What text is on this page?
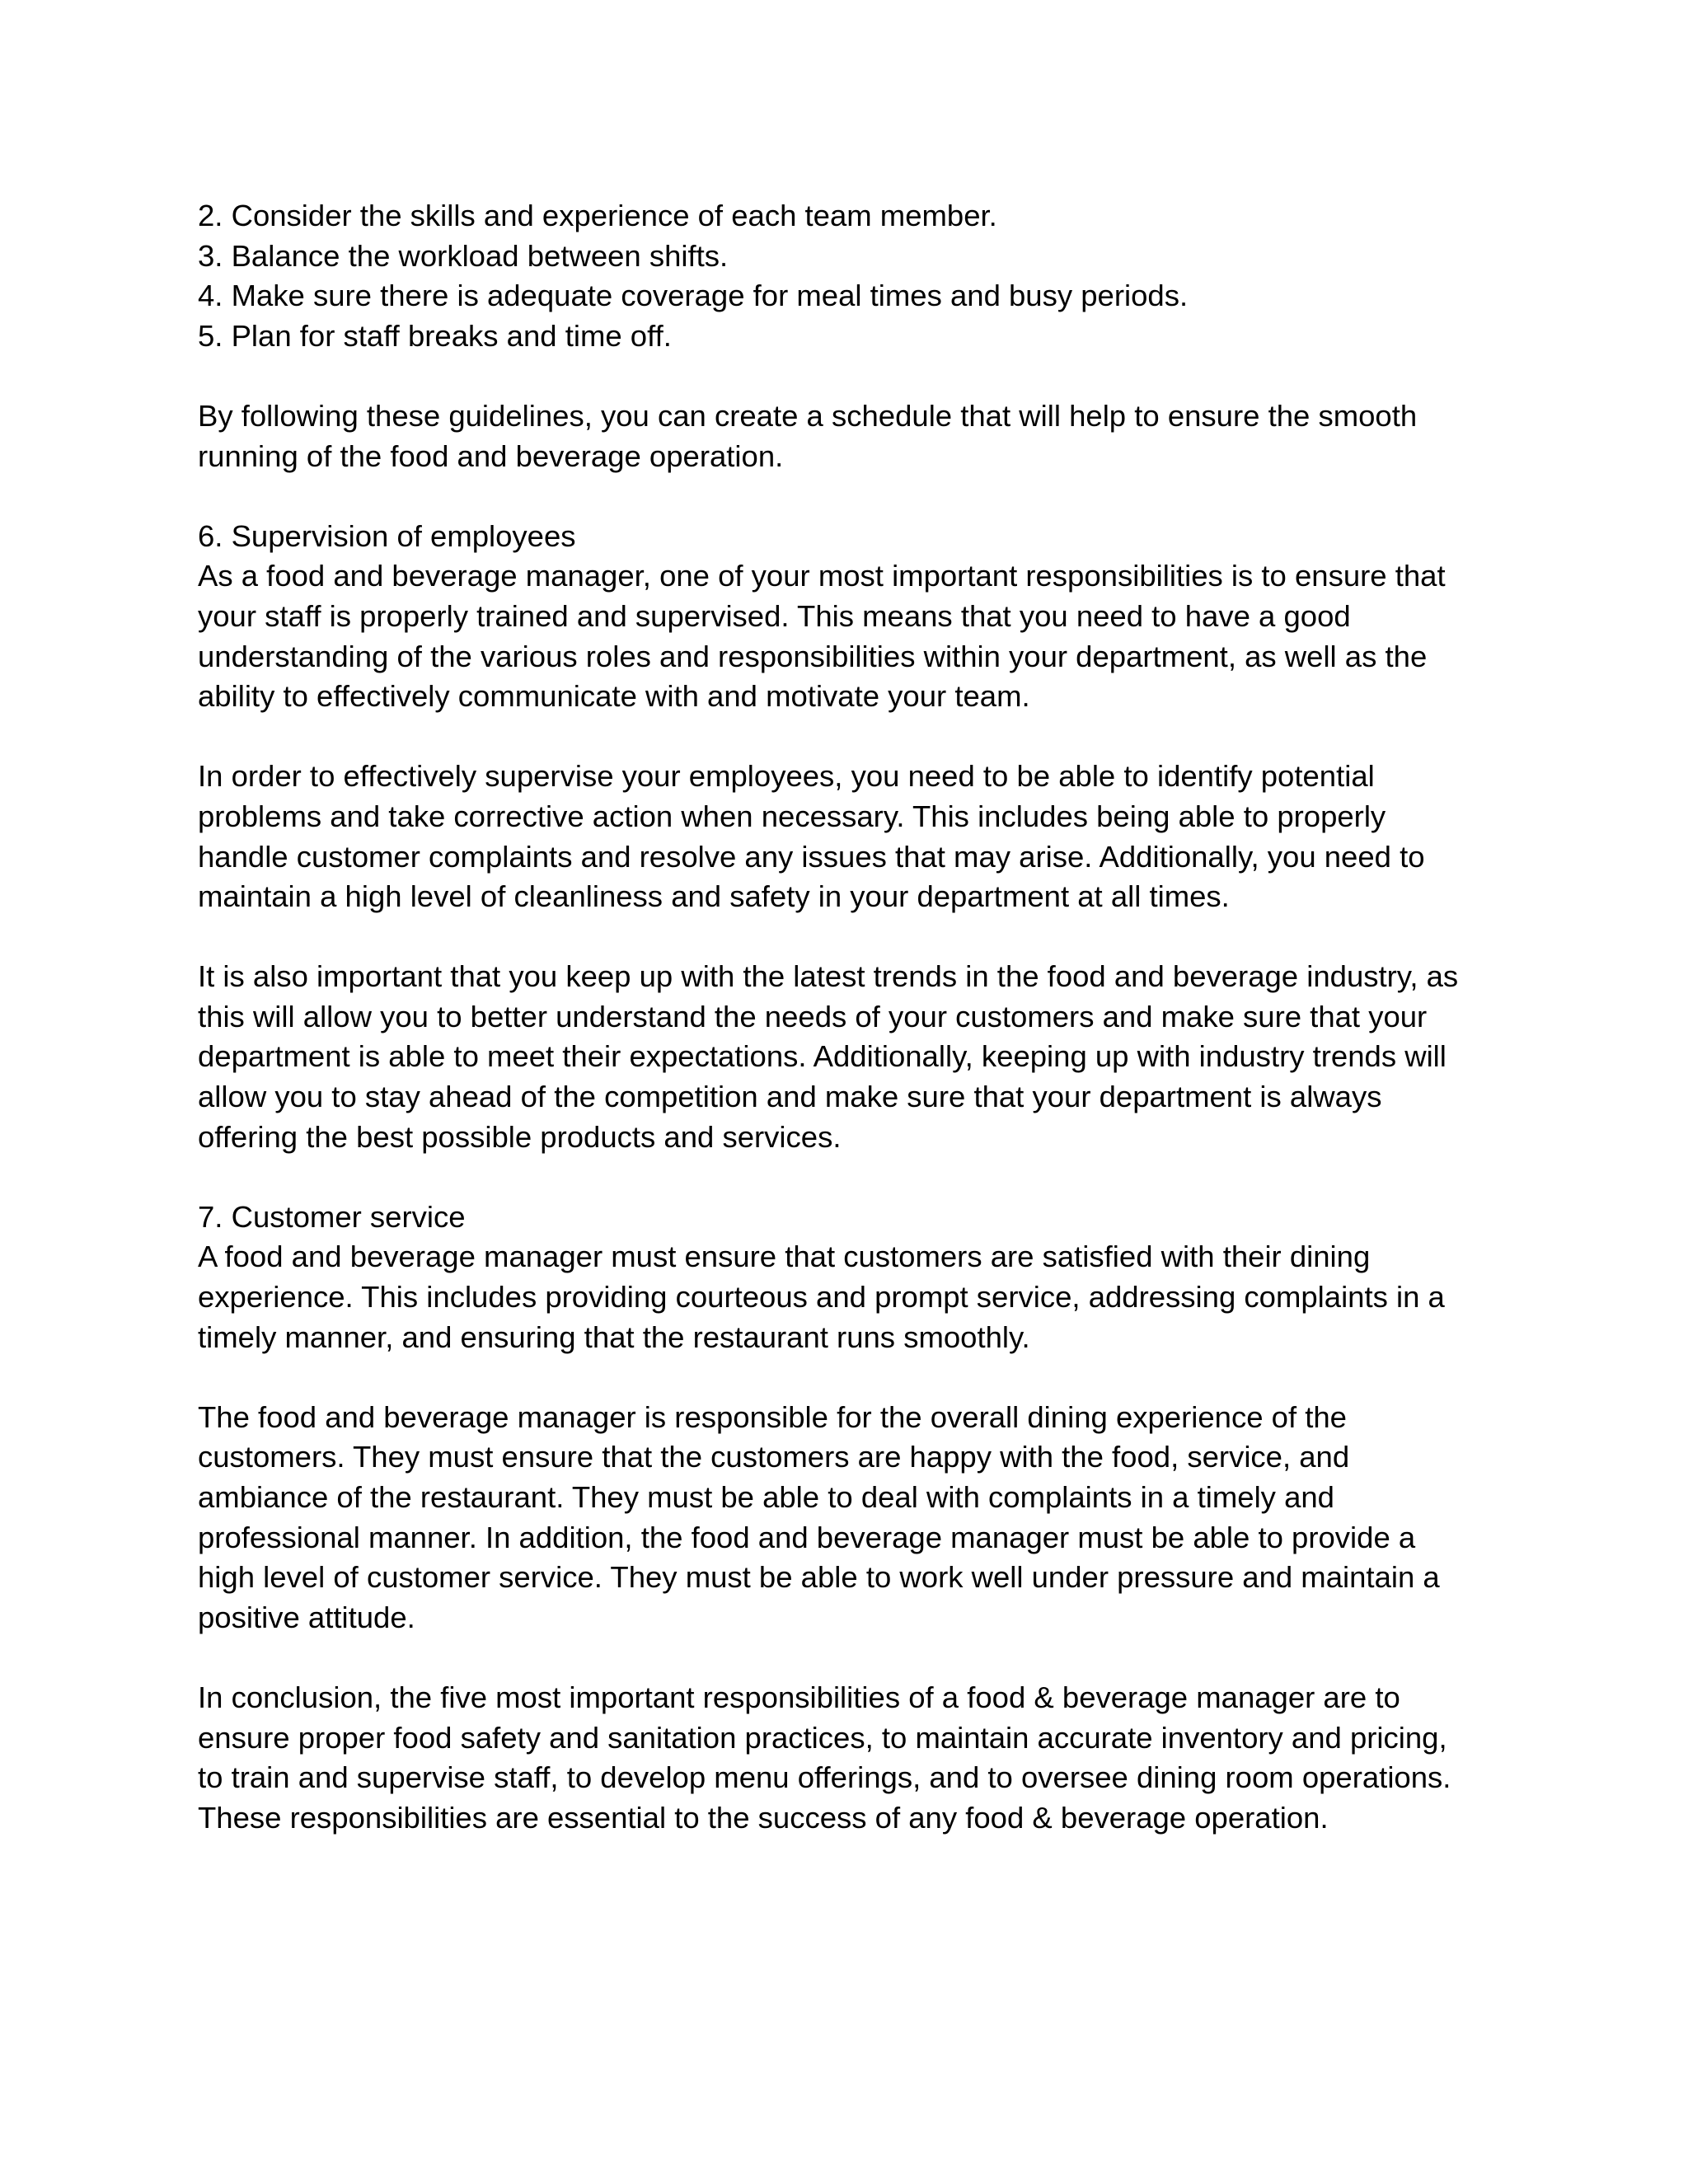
2. Consider the skills and experience of each team member.
3. Balance the workload between shifts.
4. Make sure there is adequate coverage for meal times and busy periods.
5. Plan for staff breaks and time off.
By following these guidelines, you can create a schedule that will help to ensure the smooth
running of the food and beverage operation.
6. Supervision of employees
As a food and beverage manager, one of your most important responsibilities is to ensure that
your staff is properly trained and supervised. This means that you need to have a good
understanding of the various roles and responsibilities within your department, as well as the
ability to effectively communicate with and motivate your team.
In order to effectively supervise your employees, you need to be able to identify potential
problems and take corrective action when necessary. This includes being able to properly
handle customer complaints and resolve any issues that may arise. Additionally, you need to
maintain a high level of cleanliness and safety in your department at all times.
It is also important that you keep up with the latest trends in the food and beverage industry, as
this will allow you to better understand the needs of your customers and make sure that your
department is able to meet their expectations. Additionally, keeping up with industry trends will
allow you to stay ahead of the competition and make sure that your department is always
offering the best possible products and services.
7. Customer service
A food and beverage manager must ensure that customers are satisfied with their dining
experience. This includes providing courteous and prompt service, addressing complaints in a
timely manner, and ensuring that the restaurant runs smoothly.
The food and beverage manager is responsible for the overall dining experience of the
customers. They must ensure that the customers are happy with the food, service, and
ambiance of the restaurant. They must be able to deal with complaints in a timely and
professional manner. In addition, the food and beverage manager must be able to provide a
high level of customer service. They must be able to work well under pressure and maintain a
positive attitude.
In conclusion, the five most important responsibilities of a food & beverage manager are to
ensure proper food safety and sanitation practices, to maintain accurate inventory and pricing,
to train and supervise staff, to develop menu offerings, and to oversee dining room operations.
These responsibilities are essential to the success of any food & beverage operation.
